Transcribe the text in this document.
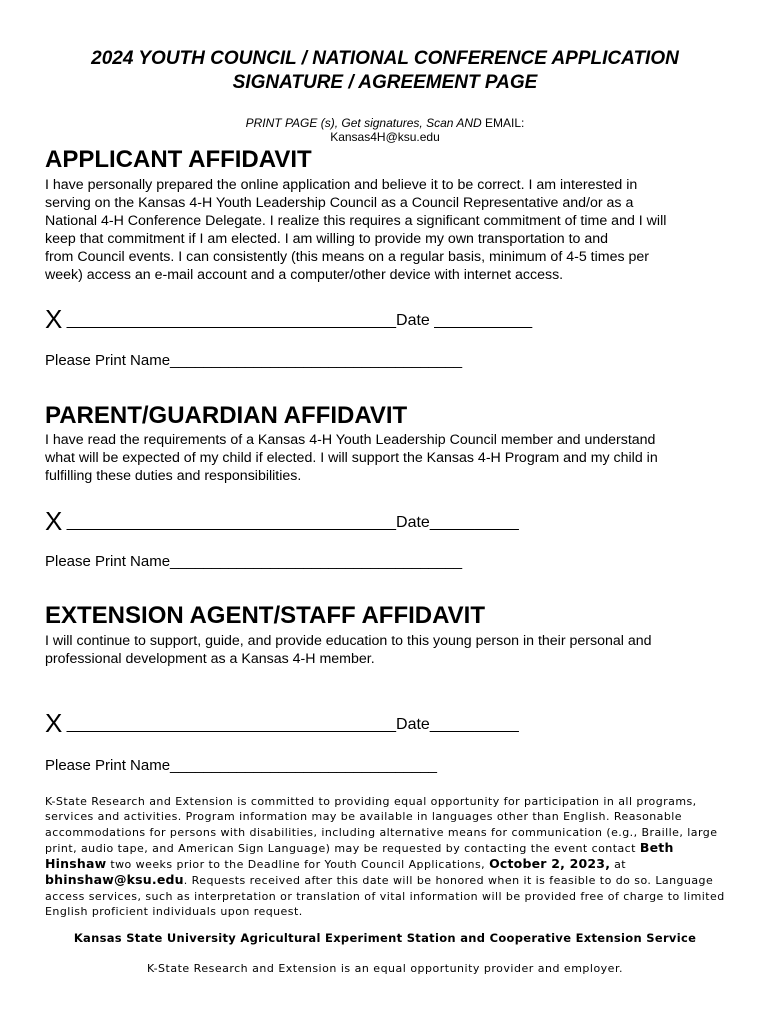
2024 YOUTH COUNCIL / NATIONAL CONFERENCE APPLICATION
SIGNATURE / AGREEMENT PAGE
PRINT PAGE (s), Get signatures, Scan AND EMAIL:
Kansas4H@ksu.edu
APPLICANT AFFIDAVIT
I have personally prepared the online application and believe it to be correct. I am interested in
serving on the Kansas 4-H Youth Leadership Council as a Council Representative and/or as a
National 4-H Conference Delegate. I realize this requires a significant commitment of time and I will
keep that commitment if I am elected. I am willing to provide my own transportation to and
from Council events. I can consistently (this means on a regular basis, minimum of 4-5 times per
week) access an e-mail account and a computer/other device with internet access.
X _____________________________________Date ___________
Please Print Name___________________________________
PARENT/GUARDIAN AFFIDAVIT
I have read the requirements of a Kansas 4-H Youth Leadership Council member and understand
what will be expected of my child if elected. I will support the Kansas 4-H Program and my child in
fulfilling these duties and responsibilities.
X _____________________________________Date__________
Please Print Name___________________________________
EXTENSION AGENT/STAFF AFFIDAVIT
I will continue to support, guide, and provide education to this young person in their personal and
professional development as a Kansas 4-H member.
X _____________________________________Date__________
Please Print Name________________________________
K-State Research and Extension is committed to providing equal opportunity for participation in all programs, services and activities. Program information may be available in languages other than English. Reasonable accommodations for persons with disabilities, including alternative means for communication (e.g., Braille, large print, audio tape, and American Sign Language) may be requested by contacting the event contact Beth Hinshaw two weeks prior to the Deadline for Youth Council Applications, October 2, 2023, at bhinshaw@ksu.edu. Requests received after this date will be honored when it is feasible to do so. Language access services, such as interpretation or translation of vital information will be provided free of charge to limited English proficient individuals upon request.
Kansas State University Agricultural Experiment Station and Cooperative Extension Service
K-State Research and Extension is an equal opportunity provider and employer.
